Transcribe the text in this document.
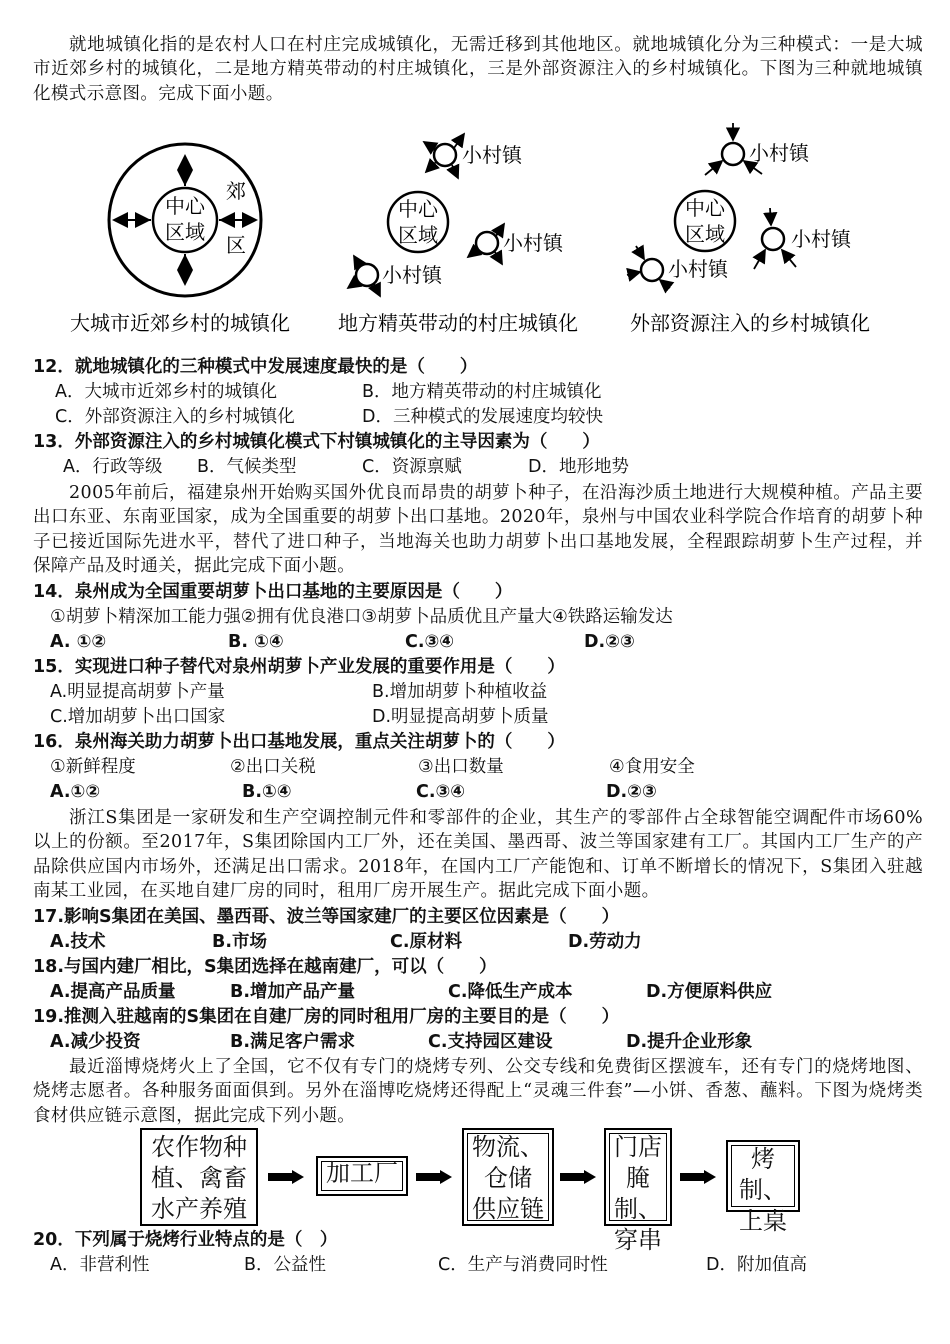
就地城镇化指的是农村人口在村庄完成城镇化，无需迁移到其他地区。就地城镇化分为三种模式：一是大城市近郊乡村的城镇化，二是地方精英带动的村庄城镇化，三是外部资源注入的乡村城镇化。下图为三种就地城镇化模式示意图。完成下面小题。

中心
区域
郊
区
大城市近郊乡村的城镇化
中心
区域
小村镇
小村镇
小村镇
地方精英带动的村庄城镇化
中心
区域
小村镇
小村镇
小村镇
外部资源注入的乡村城镇化
12．就地城镇化的三种模式中发展速度最快的是（　　）
A．大城市近郊乡村的城镇化	B．地方精英带动的村庄城镇化
C．外部资源注入的乡村城镇化	D．三种模式的发展速度均较快
13．外部资源注入的乡村城镇化模式下村镇城镇化的主导因素为（　　）
A．行政等级 B．气候类型	C．资源禀赋	D．地形地势

2005年前后，福建泉州开始购买国外优良而昂贵的胡萝卜种子，在沿海沙质土地进行大规模种植。产品主要出口东亚、东南亚国家，成为全国重要的胡萝卜出口基地。2020年，泉州与中国农业科学院合作培育的胡萝卜种子已接近国际先进水平，替代了进口种子，当地海关也助力胡萝卜出口基地发展，全程跟踪胡萝卜生产过程，并保障产品及时通关，据此完成下面小题。

14．泉州成为全国重要胡萝卜出口基地的主要原因是（　　）
①胡萝卜精深加工能力强②拥有优良港口③胡萝卜品质优且产量大④铁路运输发达
A. ①②	B. ①④	C.③④	D.②③
15．实现进口种子替代对泉州胡萝卜产业发展的重要作用是（　　）
A.明显提高胡萝卜产量	B.增加胡萝卜种植收益
C.增加胡萝卜出口国家	D.明显提高胡萝卜质量
16．泉州海关助力胡萝卜出口基地发展，重点关注胡萝卜的（　　）
①新鲜程度	②出口关税	③出口数量	④食用安全
A.①②	B.①④	C.③④	D.②③

浙江S集团是一家研发和生产空调控制元件和零部件的企业，其生产的零部件占全球智能空调配件市场60%以上的份额。至2017年，S集团除国内工厂外，还在美国、墨西哥、波兰等国家建有工厂。其国内工厂生产的产品除供应国内市场外，还满足出口需求。2018年，在国内工厂产能饱和、订单不断增长的情况下，S集团入驻越南某工业园，在买地自建厂房的同时，租用厂房开展生产。据此完成下面小题。

17.影响S集团在美国、墨西哥、波兰等国家建厂的主要区位因素是（　　）
A.技术	B.市场	C.原材料	D.劳动力
18.与国内建厂相比，S集团选择在越南建厂，可以（　　）
A.提高产品质量	B.增加产品产量	C.降低生产成本	D.方便原料供应
19.推测入驻越南的S集团在自建厂房的同时租用厂房的主要目的是（　　）
A.减少投资	B.满足客户需求	C.支持园区建设	D.提升企业形象

最近淄博烧烤火上了全国，它不仅有专门的烧烤专列、公交专线和免费街区摆渡车，还有专门的烧烤地图、烧烤志愿者。各种服务面面俱到。另外在淄博吃烧烤还得配上“灵魂三件套”—小饼、香葱、蘸料。下图为烧烤类食材供应链示意图，据此完成下列小题。

农作物种
植、禽畜
水产养殖
加工厂
物流、
仓储
供应链
门店
腌制、
穿串
烤制、
上桌
20．下列属于烧烤行业特点的是（　）
A．非营利性	B．公益性	C．生产与消费同时性	D．附加值高
